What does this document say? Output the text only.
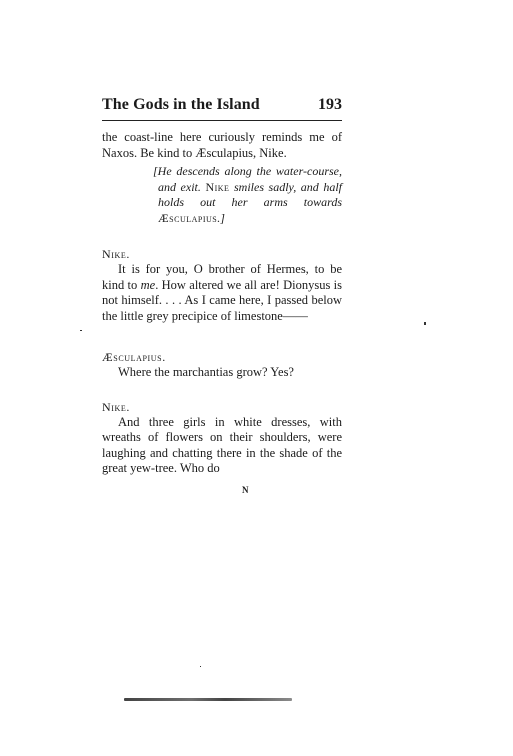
The Gods in the Island	193

the coast-line here curiously reminds me of Naxos. Be kind to Æsculapius, Nike.

[He descends along the water-course, and exit. Nike smiles sadly, and half holds out her arms towards Æsculapius.]

Nike.

It is for you, O brother of Hermes, to be kind to me. How altered we all are! Dionysus is not himself. . . . As I came here, I passed below the little grey precipice of limestone——

Æsculapius.

Where the marchantias grow? Yes?

Nike.

And three girls in white dresses, with wreaths of flowers on their shoulders, were laughing and chatting there in the shade of the great yew-tree. Who do

N
